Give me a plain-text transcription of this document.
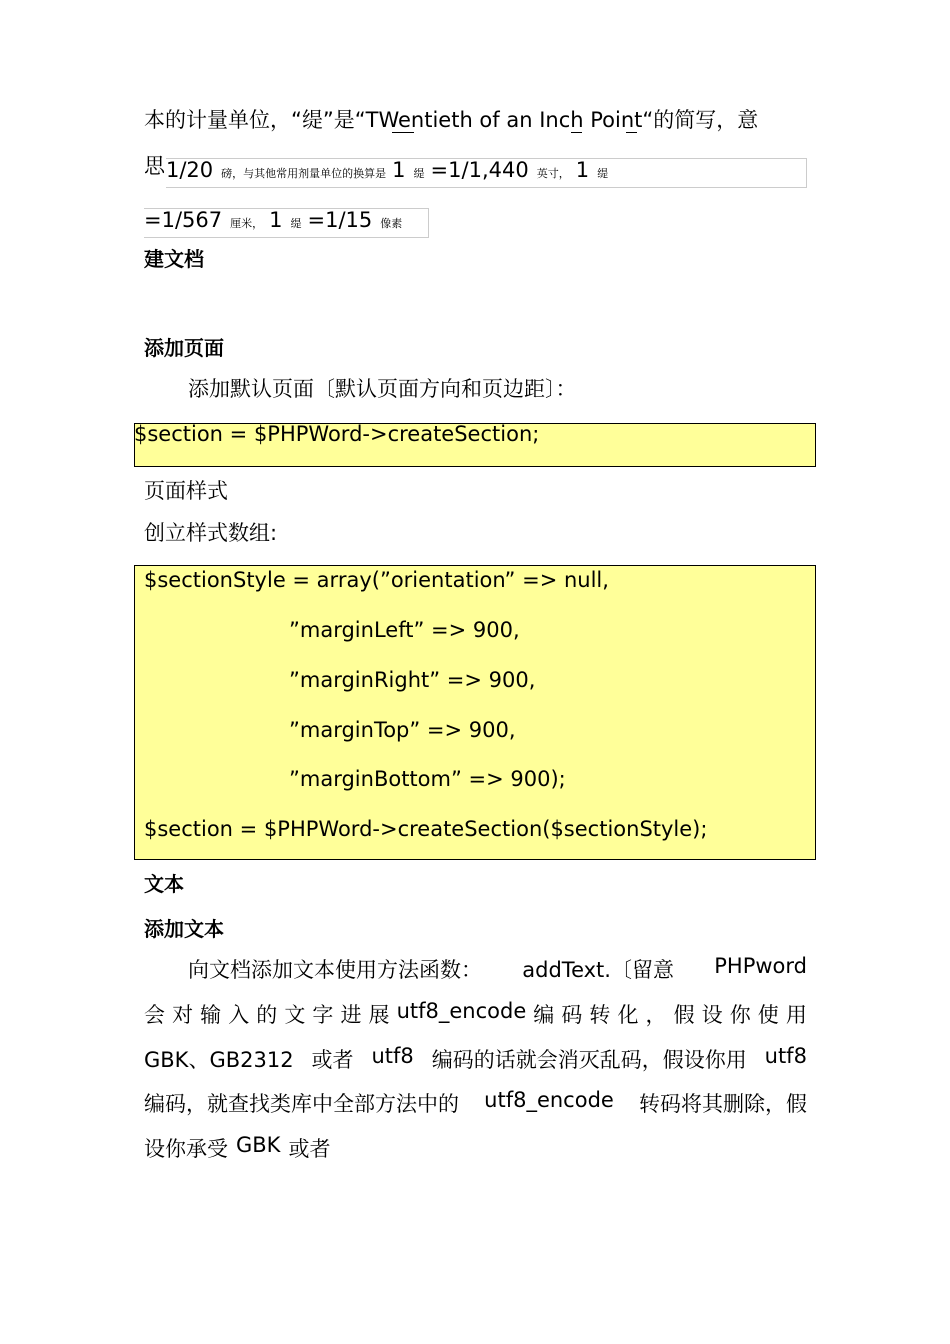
本的计量单位，“缇”是“TWentieth of an Inch Point“的简写，意
思 1/20 磅，与其他常用剂量单位的换算是 1 缇 =1/1,440 英寸， 1 缇
=1/567 厘米， 1 缇 =1/15 像素
建文档
添加页面
添加默认页面〔默认页面方向和页边距〕：
$section = $PHPWord->createSection;
页面样式
创立样式数组:
$sectionStyle = array(”orientation” => null,
”marginLeft” => 900,
”marginRight” => 900,
”marginTop” => 900,
”marginBottom” => 900);
$section = $PHPWord->createSection($sectionStyle);
文本
添加文本
向文档添加文本使用方法函数： addText.〔留意 PHPword
会 对 输 入 的 文 字 进 展 utf8_encode 编 码 转 化 ， 假 设 你 使 用
GBK、GB2312 或者 utf8 编码的话就会消灭乱码，假设你用 utf8
编码，就查找类库中全部方法中的 utf8_encode 转码将其删除，假
设你承受 GBK 或者
